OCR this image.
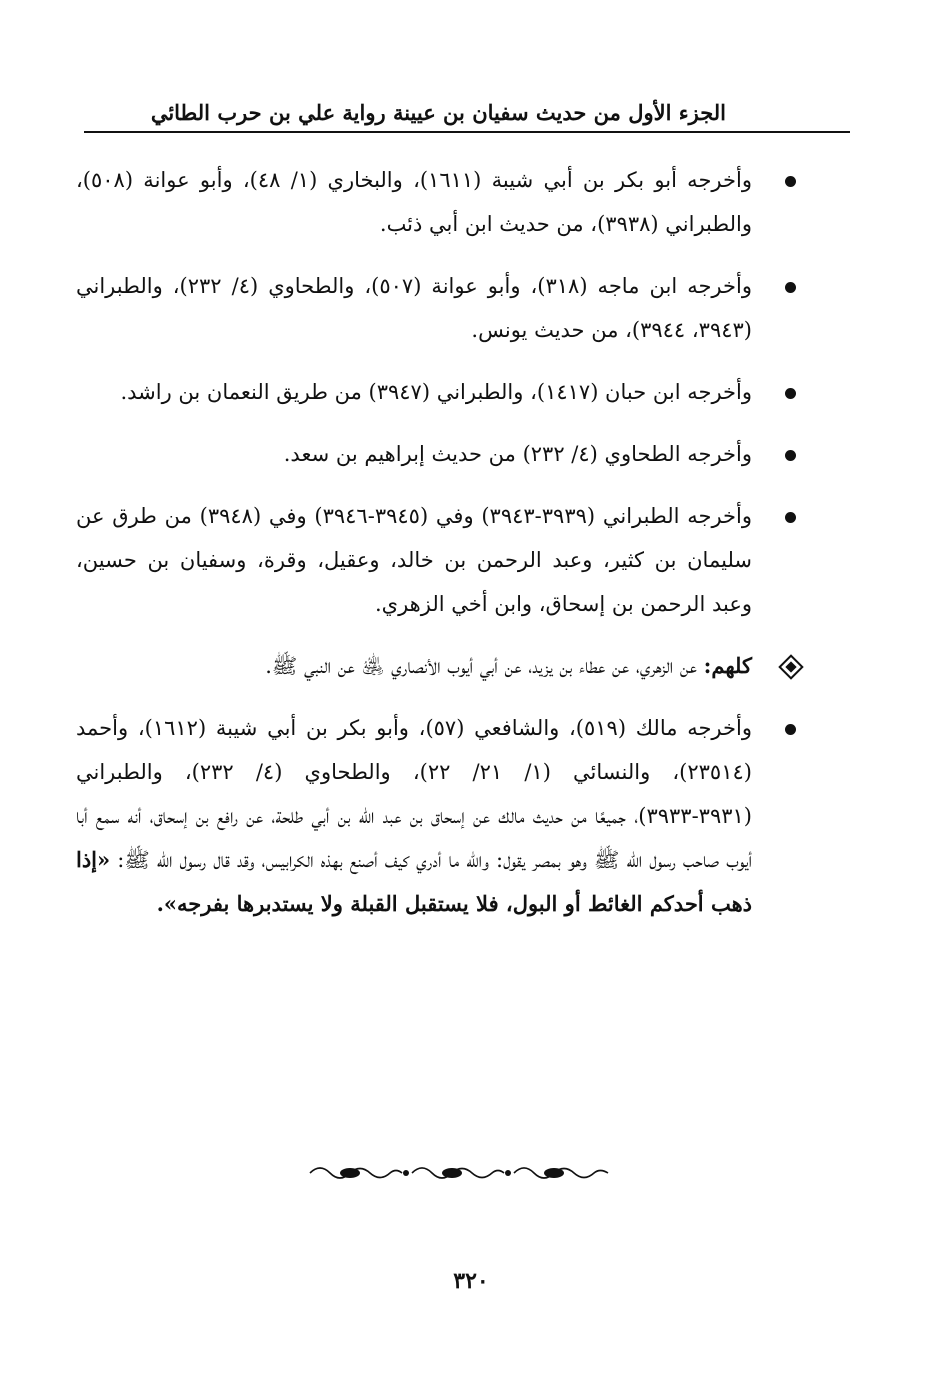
الجزء الأول من حديث سفيان بن عيينة رواية علي بن حرب الطائي

وأخرجه أبو بكر بن أبي شيبة (١٦١١)، والبخاري (١/ ٤٨)، وأبو عوانة (٥٠٨)، والطبراني (٣٩٣٨)، من حديث ابن أبي ذئب.

وأخرجه ابن ماجه (٣١٨)، وأبو عوانة (٥٠٧)، والطحاوي (٤/ ٢٣٢)، والطبراني (٣٩٤٣، ٣٩٤٤)، من حديث يونس.

وأخرجه ابن حبان (١٤١٧)، والطبراني (٣٩٤٧) من طريق النعمان بن راشد.

وأخرجه الطحاوي (٤/ ٢٣٢) من حديث إبراهيم بن سعد.

وأخرجه الطبراني (٣٩٣٩-٣٩٤٣) وفي (٣٩٤٥-٣٩٤٦) وفي (٣٩٤٨) من طرق عن سليمان بن كثير، وعبد الرحمن بن خالد، وعقيل، وقرة، وسفيان بن حسين، وعبد الرحمن بن إسحاق، وابن أخي الزهري.

كلهم: عن الزهري، عن عطاء بن يزيد، عن أبي أيوب الأنصاري ﵁ عن النبي ﷺ.

وأخرجه مالك (٥١٩)، والشافعي (٥٧)، وأبو بكر بن أبي شيبة (١٦١٢)، وأحمد (٢٣٥١٤)، والنسائي (١/ ٢١/ ٢٢)، والطحاوي (٤/ ٢٣٢)، والطبراني (٣٩٣١-٣٩٣٣)، جميعًا من حديث مالك عن إسحاق بن عبد الله بن أبي طلحة، عن رافع بن إسحاق، أنه سمع أبا أيوب صاحب رسول الله ﷺ وهو بمصر يقول: والله ما أدري كيف أصنع بهذه الكرابيس، وقد قال رسول الله ﷺ: «إذا ذهب أحدكم الغائط أو البول، فلا يستقبل القبلة ولا يستدبرها بفرجه».

٣٢٠
